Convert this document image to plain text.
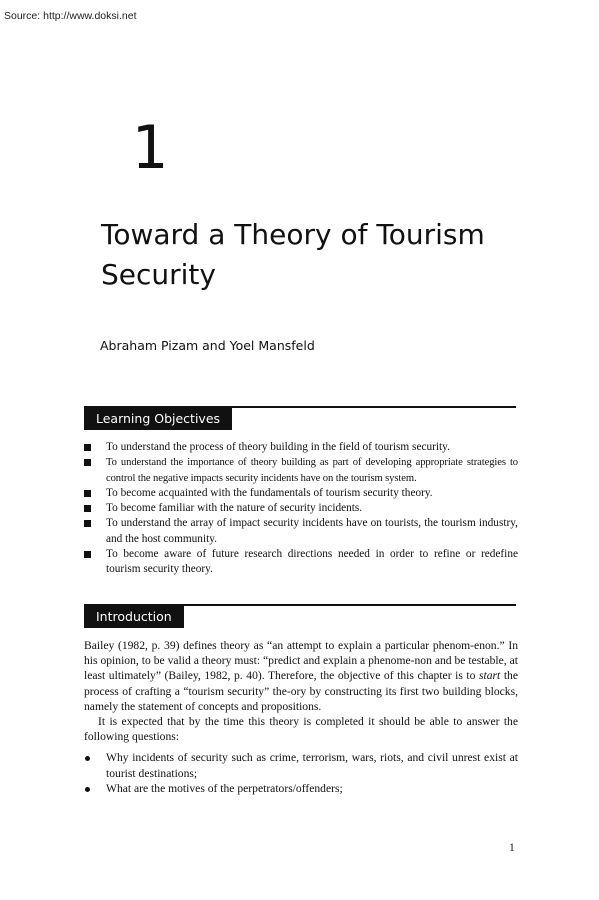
Source: http://www.doksi.net
1
Toward a Theory of Tourism
Security
Abraham Pizam and Yoel Mansfeld
Learning Objectives
To understand the process of theory building in the field of tourism security.
To understand the importance of theory building as part of developing appropriate strategies to control the negative impacts security incidents have on the tourism system.
To become acquainted with the fundamentals of tourism security theory.
To become familiar with the nature of security incidents.
To understand the array of impact security incidents have on tourists, the tourism industry, and the host community.
To become aware of future research directions needed in order to refine or redefine tourism security theory.
Introduction

Bailey (1982, p. 39) defines theory as “an attempt to explain a particular phenom-enon.” In his opinion, to be valid a theory must: “predict and explain a phenome-non and be testable, at least ultimately” (Bailey, 1982, p. 40). Therefore, the objective of this chapter is to start the process of crafting a “tourism security” the-ory by constructing its first two building blocks, namely the statement of concepts and propositions.

It is expected that by the time this theory is completed it should be able to answer the following questions:

Why incidents of security such as crime, terrorism, wars, riots, and civil unrest exist at tourist destinations;
What are the motives of the perpetrators/offenders;
1
